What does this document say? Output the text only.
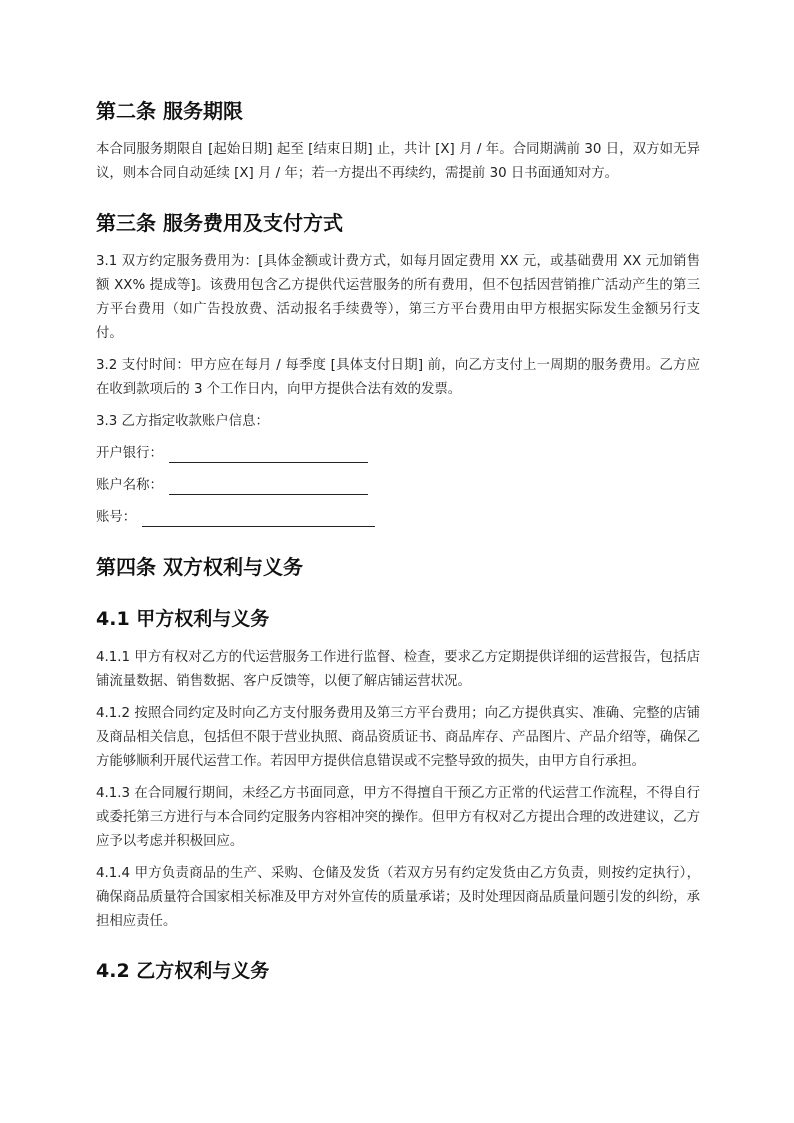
第二条 服务期限

本合同服务期限自 [起始日期] 起至 [结束日期] 止，共计 [X] 月 / 年。合同期满前 30 日，双方如无异议，则本合同自动延续 [X] 月 / 年；若一方提出不再续约，需提前 30 日书面通知对方。

第三条 服务费用及支付方式

3.1 双方约定服务费用为：[具体金额或计费方式，如每月固定费用 XX 元，或基础费用 XX 元加销售额 XX% 提成等]。该费用包含乙方提供代运营服务的所有费用，但不包括因营销推广活动产生的第三方平台费用（如广告投放费、活动报名手续费等），第三方平台费用由甲方根据实际发生金额另行支付。

3.2 支付时间：甲方应在每月 / 每季度 [具体支付日期] 前，向乙方支付上一周期的服务费用。乙方应在收到款项后的 3 个工作日内，向甲方提供合法有效的发票。

3.3 乙方指定收款账户信息：

开户银行：
账户名称：
账号：
第四条 双方权利与义务
4.1 甲方权利与义务

4.1.1 甲方有权对乙方的代运营服务工作进行监督、检查，要求乙方定期提供详细的运营报告，包括店铺流量数据、销售数据、客户反馈等，以便了解店铺运营状况。

4.1.2 按照合同约定及时向乙方支付服务费用及第三方平台费用；向乙方提供真实、准确、完整的店铺及商品相关信息，包括但不限于营业执照、商品资质证书、商品库存、产品图片、产品介绍等，确保乙方能够顺利开展代运营工作。若因甲方提供信息错误或不完整导致的损失，由甲方自行承担。

4.1.3 在合同履行期间，未经乙方书面同意，甲方不得擅自干预乙方正常的代运营工作流程，不得自行或委托第三方进行与本合同约定服务内容相冲突的操作。但甲方有权对乙方提出合理的改进建议，乙方应予以考虑并积极回应。

4.1.4 甲方负责商品的生产、采购、仓储及发货（若双方另有约定发货由乙方负责，则按约定执行），确保商品质量符合国家相关标准及甲方对外宣传的质量承诺；及时处理因商品质量问题引发的纠纷，承担相应责任。

4.2 乙方权利与义务
